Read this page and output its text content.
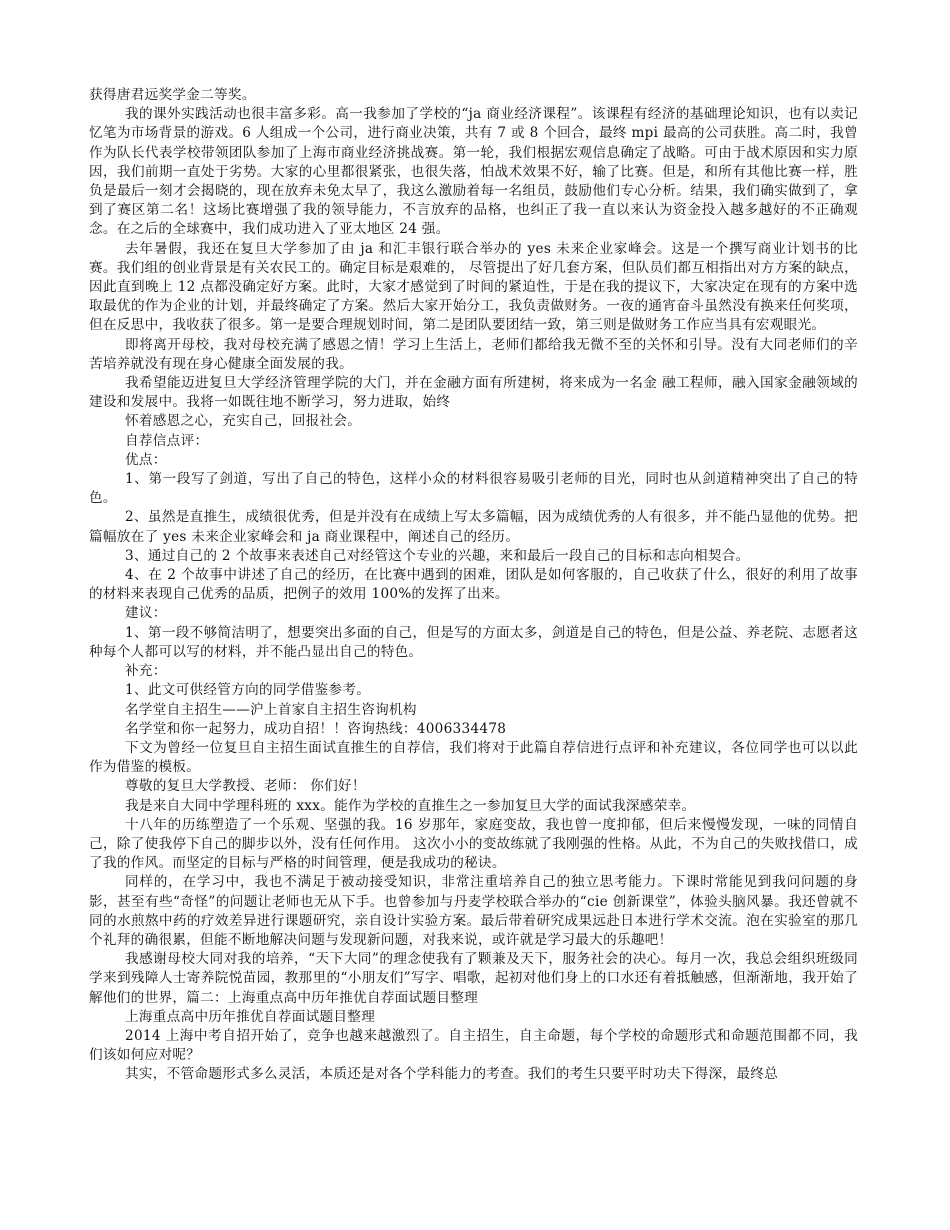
获得唐君远奖学金二等奖。

我的课外实践活动也很丰富多彩。高一我参加了学校的“ja 商业经济课程”。该课程有经济的基础理论知识，也有以卖记忆笔为市场背景的游戏。6 人组成一个公司，进行商业决策，共有 7 或 8 个回合，最终 mpi 最高的公司获胜。高二时，我曾作为队长代表学校带领团队参加了上海市商业经济挑战赛。第一轮，我们根据宏观信息确定了战略。可由于战术原因和实力原因，我们前期一直处于劣势。大家的心里都很紧张，也很失落，怕战术效果不好，输了比赛。但是，和所有其他比赛一样，胜负是最后一刻才会揭晓的，现在放弃未免太早了，我这么激励着每一名组员，鼓励他们专心分析。结果，我们确实做到了，拿到了赛区第二名！这场比赛增强了我的领导能力，不言放弃的品格，也纠正了我一直以来认为资金投入越多越好的不正确观念。在之后的全球赛中，我们成功进入了亚太地区 24 强。

去年暑假，我还在复旦大学参加了由 ja 和汇丰银行联合举办的 yes 未来企业家峰会。这是一个撰写商业计划书的比赛。我们组的创业背景是有关农民工的。确定目标是艰难的， 尽管提出了好几套方案，但队员们都互相指出对方方案的缺点，因此直到晚上 12 点都没确定好方案。此时，大家才感觉到了时间的紧迫性，于是在我的提议下，大家决定在现有的方案中选取最优的作为企业的计划，并最终确定了方案。然后大家开始分工，我负责做财务。一夜的通宵奋斗虽然没有换来任何奖项，但在反思中，我收获了很多。第一是要合理规划时间，第二是团队要团结一致，第三则是做财务工作应当具有宏观眼光。

即将离开母校，我对母校充满了感恩之情！学习上生活上，老师们都给我无微不至的关怀和引导。没有大同老师们的辛苦培养就没有现在身心健康全面发展的我。

我希望能迈进复旦大学经济管理学院的大门，并在金融方面有所建树，将来成为一名金 融工程师，融入国家金融领域的建设和发展中。我将一如既往地不断学习，努力进取，始终

怀着感恩之心，充实自己，回报社会。

自荐信点评：

优点：

1、第一段写了剑道，写出了自己的特色，这样小众的材料很容易吸引老师的目光，同时也从剑道精神突出了自己的特色。

2、虽然是直推生，成绩很优秀，但是并没有在成绩上写太多篇幅，因为成绩优秀的人有很多，并不能凸显他的优势。把篇幅放在了 yes 未来企业家峰会和 ja 商业课程中，阐述自己的经历。

3、通过自己的 2 个故事来表述自己对经管这个专业的兴趣，来和最后一段自己的目标和志向相契合。

4、在 2 个故事中讲述了自己的经历，在比赛中遇到的困难，团队是如何客服的，自己收获了什么，很好的利用了故事的材料来表现自己优秀的品质，把例子的效用 100%的发挥了出来。

建议：

1、第一段不够简洁明了，想要突出多面的自己，但是写的方面太多，剑道是自己的特色，但是公益、养老院、志愿者这种每个人都可以写的材料，并不能凸显出自己的特色。

补充：

1、此文可供经管方向的同学借鉴参考。

名学堂自主招生——沪上首家自主招生咨询机构

名学堂和你一起努力，成功自招！！咨询热线：4006334478

下文为曾经一位复旦自主招生面试直推生的自荐信，我们将对于此篇自荐信进行点评和补充建议，各位同学也可以以此作为借鉴的模板。

尊敬的复旦大学教授、老师： 你们好！

我是来自大同中学理科班的 xxx。能作为学校的直推生之一参加复旦大学的面试我深感荣幸。

十八年的历练塑造了一个乐观、坚强的我。16 岁那年，家庭变故，我也曾一度抑郁，但后来慢慢发现，一味的同情自己，除了使我停下自己的脚步以外，没有任何作用。 这次小小的变故练就了我刚强的性格。从此，不为自己的失败找借口，成了我的作风。而坚定的目标与严格的时间管理，便是我成功的秘诀。

同样的，在学习中，我也不满足于被动接受知识，非常注重培养自己的独立思考能力。下课时常能见到我问问题的身影，甚至有些“奇怪”的问题让老师也无从下手。也曾参加与丹麦学校联合举办的“cie 创新课堂”，体验头脑风暴。我还曾就不同的水煎熬中药的疗效差异进行课题研究，亲自设计实验方案。最后带着研究成果远赴日本进行学术交流。泡在实验室的那几个礼拜的确很累，但能不断地解决问题与发现新问题，对我来说，或许就是学习最大的乐趣吧！

我感谢母校大同对我的培养，“天下大同”的理念使我有了颗兼及天下，服务社会的决心。每月一次，我总会组织班级同学来到残障人士寄养院悦苗园，教那里的“小朋友们”写字、唱歌，起初对他们身上的口水还有着抵触感，但渐渐地，我开始了解他们的世界，篇二：上海重点高中历年推优自荐面试题目整理

上海重点高中历年推优自荐面试题目整理

2014 上海中考自招开始了，竞争也越来越激烈了。自主招生，自主命题，每个学校的命题形式和命题范围都不同，我们该如何应对呢？

其实，不管命题形式多么灵活，本质还是对各个学科能力的考查。我们的考生只要平时功夫下得深，最终总
